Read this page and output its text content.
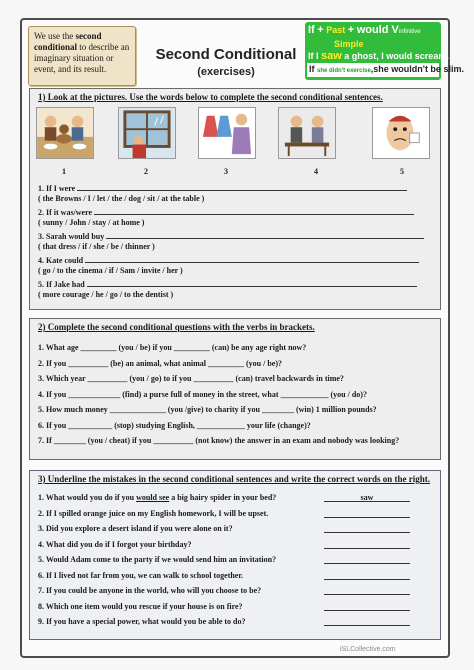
We use the second conditional to describe an imaginary situation or event, and its result.
Second Conditional
(exercises)
If + Past + would Vinfinitive
Simple
If I saw a ghost, I would scream.
If she didn't exercise,she wouldn't be slim.
1) Look at the pictures. Use the words below to complete the second conditional sentences.
1	2	3	4	5
1. If I were
( the Browns / I / let / the / dog / sit / at the table )
2. If it was/were
( sunny / John / stay / at home )
3. Sarah would buy
( that dress / if / she / be / thinner )
4. Kate could
( go / to the cinema / if / Sam / invite / her )
5. If Jake had
( more courage / he / go / to the dentist )
2) Complete the second conditional questions with the verbs in brackets.
1. What age _________ (you / be) if you _________ (can) be any age right now?
2. If you __________ (be) an animal, what animal _________ (you / be)?
3. Which year __________ (you / go) to if you __________ (can) travel backwards in time?
4. If you _____________ (find) a purse full of money in the street, what ____________ (you / do)?
5. How much money ______________ (you /give) to charity if you ________ (win) 1 million pounds?
6. If you ___________ (stop) studying English, ____________ your life (change)?
7. If ________ (you / cheat) if you __________ (not know) the answer in an exam and nobody was looking?
3) Underline the mistakes in the second conditional sentences and write the correct words on the right.
1. What would you do if you would see a big hairy spider in your bed?	saw
2. If I spilled orange juice on my English homework, I will be upset.
3. Did you explore a desert island if you were alone on it?
4. What did you do if I forgot your birthday?
5. Would Adam come to the party if we would send him an invitation?
6. If I lived not far from you, we can walk to school together.
7. If you could be anyone in the world, who will you choose to be?
8. Which one item would you rescue if your house is on fire?
9. If you have a special power, what would you be able to do?
iSLCollective.com
